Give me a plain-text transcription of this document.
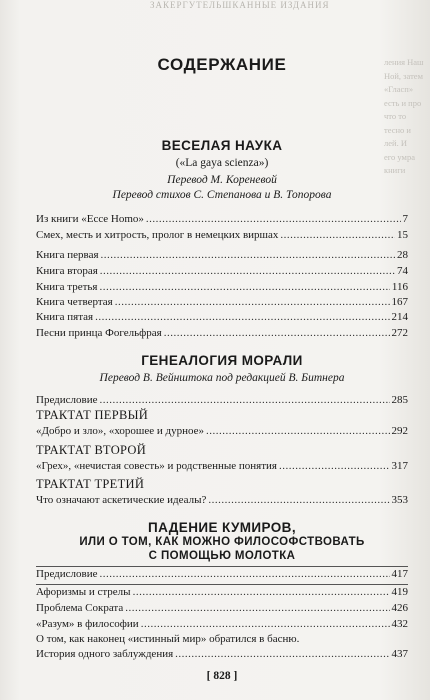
ЗАКЕРГУТЕЛЬШКАННЫЕ ИЗДАНИЯ
ления Наш
Ной, затем
«Гласп»
есть и про
что то
тесно и
лей. И
его умра
книги
СОДЕРЖАНИЕ
ВЕСЕЛАЯ НАУКА
(«La gaya scienza»)
Перевод М. Кореневой
Перевод стихов С. Степанова и В. Топорова
Из книги «Ecce Homo» .....	7
Смех, месть и хитрость, пролог в немецких виршах .....	15
Книга первая .....	28
Книга вторая .....	74
Книга третья .....	116
Книга четвертая .....	167
Книга пятая .....	214
Песни принца Фогельфрая .....	272
ГЕНЕАЛОГИЯ МОРАЛИ
Перевод В. Вейнштока под редакцией В. Битнера
Предисловие .....	285
ТРАКТАТ ПЕРВЫЙ
«Добро и зло», «хорошее и дурное» .....	292
ТРАКТАТ ВТОРОЙ
«Грех», «нечистая совесть» и родственные понятия .....	317
ТРАКТАТ ТРЕТИЙ
Что означают аскетические идеалы? .....	353
ПАДЕНИЕ КУМИРОВ,
ИЛИ О ТОМ, КАК МОЖНО ФИЛОСОФСТВОВАТЬ
С ПОМОЩЬЮ МОЛОТКА
Предисловие .....	417
Афоризмы и стрелы .....	419
Проблема Сократа .....	426
«Разум» в философии .....	432
О том, как наконец «истинный мир» обратился в басню.
История одного заблуждения .....	437
[ 828 ]
